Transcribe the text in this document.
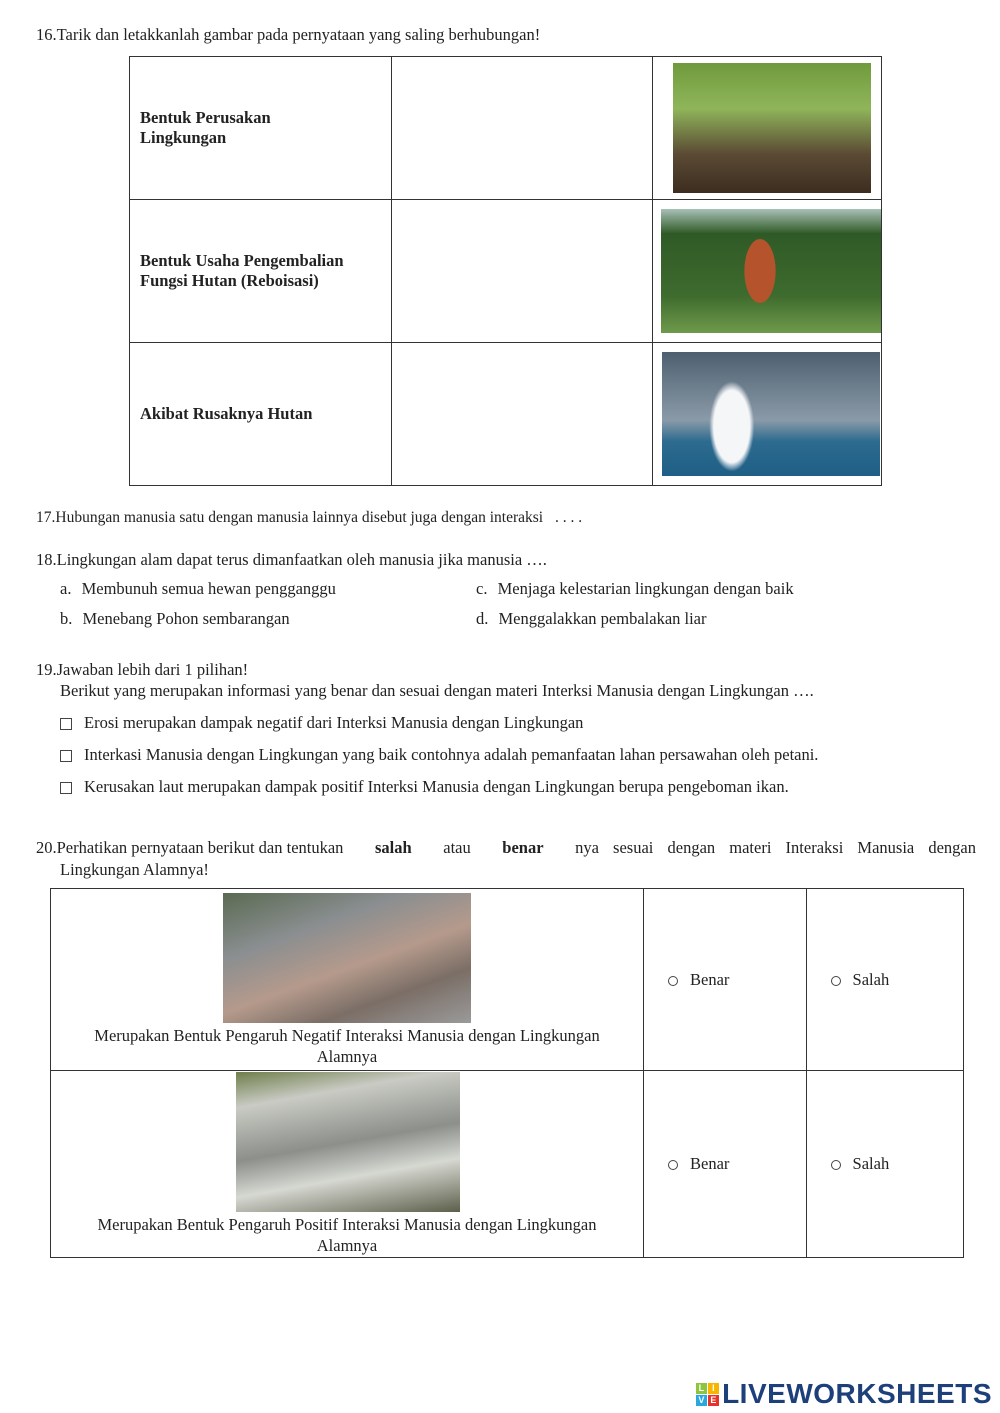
16.Tarik dan letakkanlah gambar pada pernyataan yang saling berhubungan!
Bentuk Perusakan
Lingkungan		

Bentuk Usaha Pengembalian
Fungsi Hutan (Reboisasi)		

Akibat Rusaknya Hutan		
17.Hubungan manusia satu dengan manusia lainnya disebut juga dengan interaksi . . . .
18.Lingkungan alam dapat terus dimanfaatkan oleh manusia jika manusia ….
a. Membunuh semua hewan pengganggu
b. Menebang Pohon sembarangan
c. Menjaga kelestarian lingkungan dengan baik
d. Menggalakkan pembalakan liar
19.Jawaban lebih dari 1 pilihan!
Berikut yang merupakan informasi yang benar dan sesuai dengan materi Interksi Manusia dengan Lingkungan ….
Erosi merupakan dampak negatif dari Interksi Manusia dengan Lingkungan
Interkasi Manusia dengan Lingkungan yang baik contohnya adalah pemanfaatan lahan persawahan oleh petani.
Kerusakan laut merupakan dampak positif Interksi Manusia dengan Lingkungan berupa pengeboman ikan.
20.Perhatikan pernyataan berikut dan tentukan salah atau benar nya sesuai dengan materi Interaksi Manusia dengan
Lingkungan Alamnya!
Merupakan Bentuk Pengaruh Negatif Interaksi Manusia dengan Lingkungan
Alamnya
	Benar	Salah

Merupakan Bentuk Pengaruh Positif Interaksi Manusia dengan Lingkungan
Alamnya
	Benar	Salah
L I
V E LIVEWORKSHEETS
